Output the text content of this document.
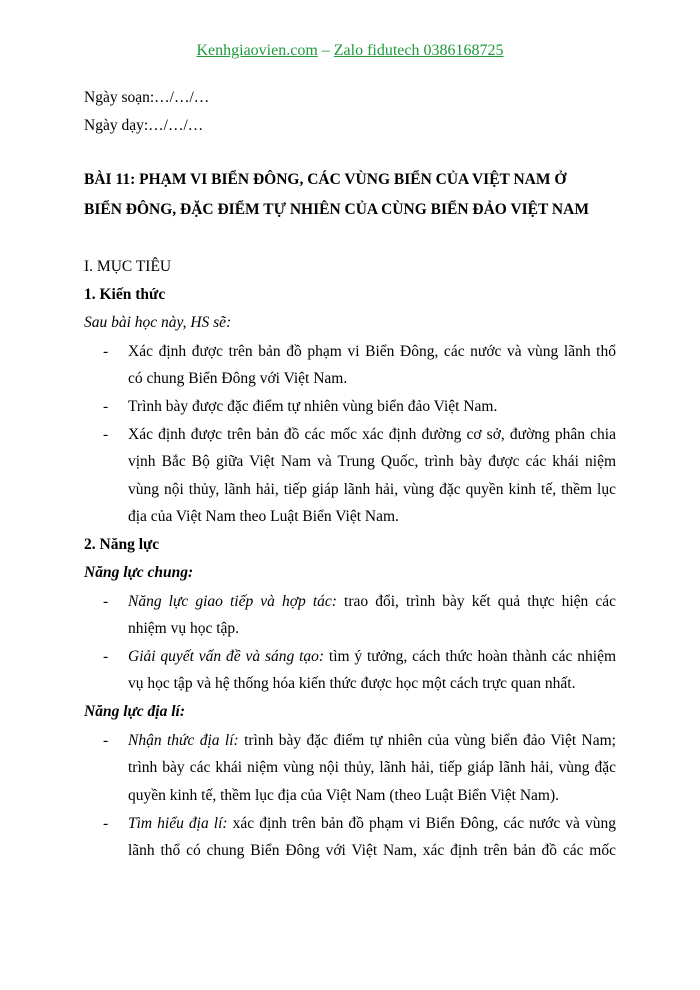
Kenhgiaovien.com – Zalo fidutech 0386168725
Ngày soạn:…/…/…
Ngày dạy:…/…/…
BÀI 11: PHẠM VI BIỂN ĐÔNG, CÁC VÙNG BIỂN CỦA VIỆT NAM Ở
BIỂN ĐÔNG, ĐẶC ĐIỂM TỰ NHIÊN CỦA CÙNG BIỂN ĐẢO VIỆT NAM
I. MỤC TIÊU
1. Kiến thức
Sau bài học này, HS sẽ:
- Xác định được trên bản đồ phạm vi Biển Đông, các nước và vùng lãnh thổ
có chung Biển Đông với Việt Nam.
- Trình bày được đặc điểm tự nhiên vùng biển đảo Việt Nam.
- Xác định được trên bản đồ các mốc xác định đường cơ sở, đường phân chia
vịnh Bắc Bộ giữa Việt Nam và Trung Quốc, trình bày được các khái niệm
vùng nội thủy, lãnh hải, tiếp giáp lãnh hải, vùng đặc quyền kinh tế, thềm lục
địa của Việt Nam theo Luật Biển Việt Nam.
2. Năng lực
Năng lực chung:
- Năng lực giao tiếp và hợp tác: trao đổi, trình bày kết quả thực hiện các
nhiệm vụ học tập.
- Giải quyết vấn đề và sáng tạo: tìm ý tưởng, cách thức hoàn thành các nhiệm
vụ học tập và hệ thống hóa kiến thức được học một cách trực quan nhất.
Năng lực địa lí:
- Nhận thức địa lí: trình bày đặc điểm tự nhiên của vùng biển đảo Việt Nam;
trình bày các khái niệm vùng nội thủy, lãnh hải, tiếp giáp lãnh hải, vùng đặc
quyền kinh tế, thềm lục địa của Việt Nam (theo Luật Biển Việt Nam).
- Tìm hiểu địa lí: xác định trên bản đồ phạm vi Biển Đông, các nước và vùng
lãnh thổ có chung Biển Đông với Việt Nam, xác định trên bản đồ các mốc
